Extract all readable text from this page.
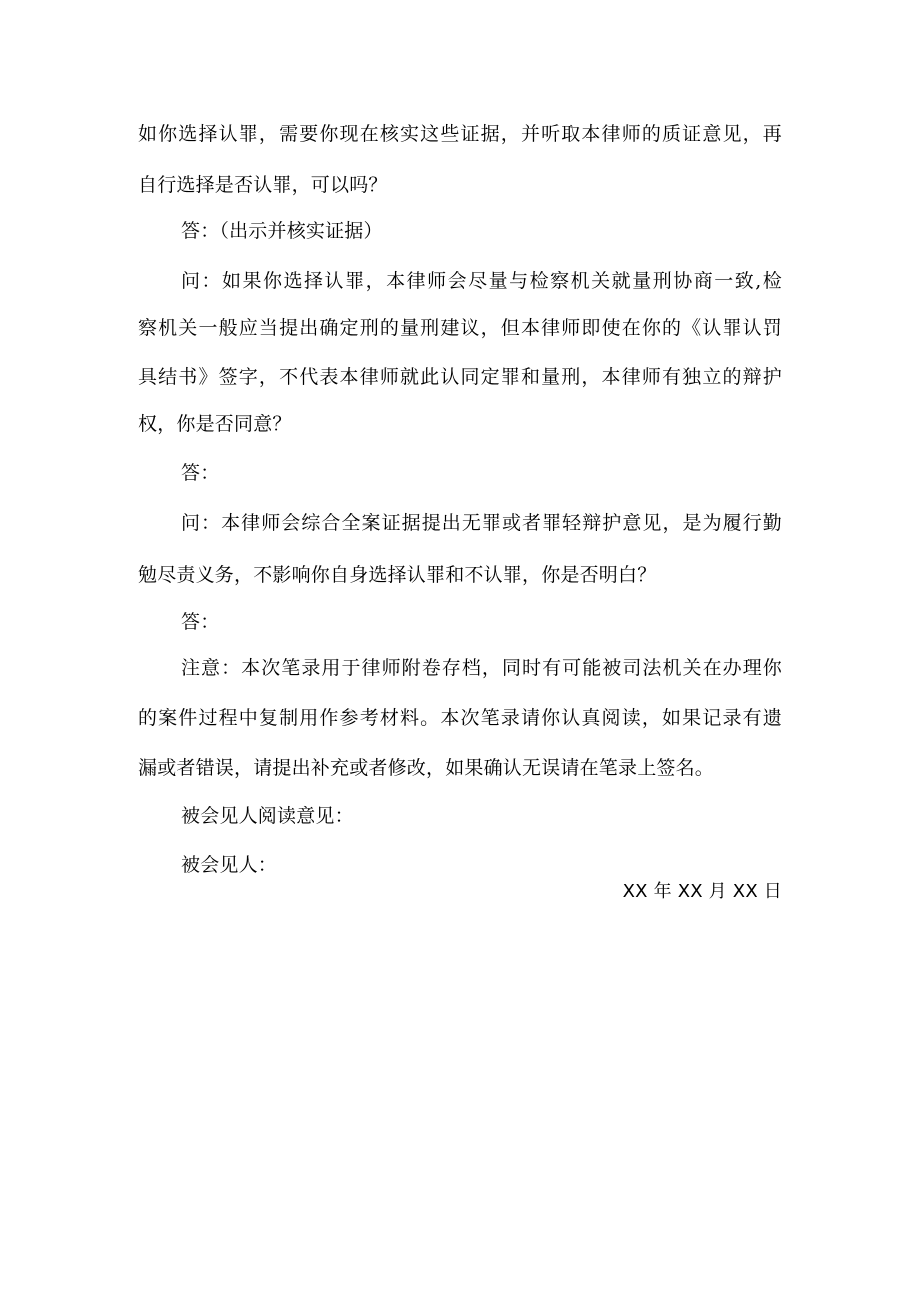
如你选择认罪，需要你现在核实这些证据，并听取本律师的质证意见，再
自行选择是否认罪，可以吗？
答：（出示并核实证据）
问：如果你选择认罪，本律师会尽量与检察机关就量刑协商一致,检
察机关一般应当提出确定刑的量刑建议，但本律师即使在你的《认罪认罚
具结书》签字，不代表本律师就此认同定罪和量刑，本律师有独立的辩护
权，你是否同意？
答：
问：本律师会综合全案证据提出无罪或者罪轻辩护意见，是为履行勤
勉尽责义务，不影响你自身选择认罪和不认罪，你是否明白？
答：
注意：本次笔录用于律师附卷存档，同时有可能被司法机关在办理你
的案件过程中复制用作参考材料。本次笔录请你认真阅读，如果记录有遗
漏或者错误，请提出补充或者修改，如果确认无误请在笔录上签名。
被会见人阅读意见：
被会见人：
XX 年 XX 月 XX 日
